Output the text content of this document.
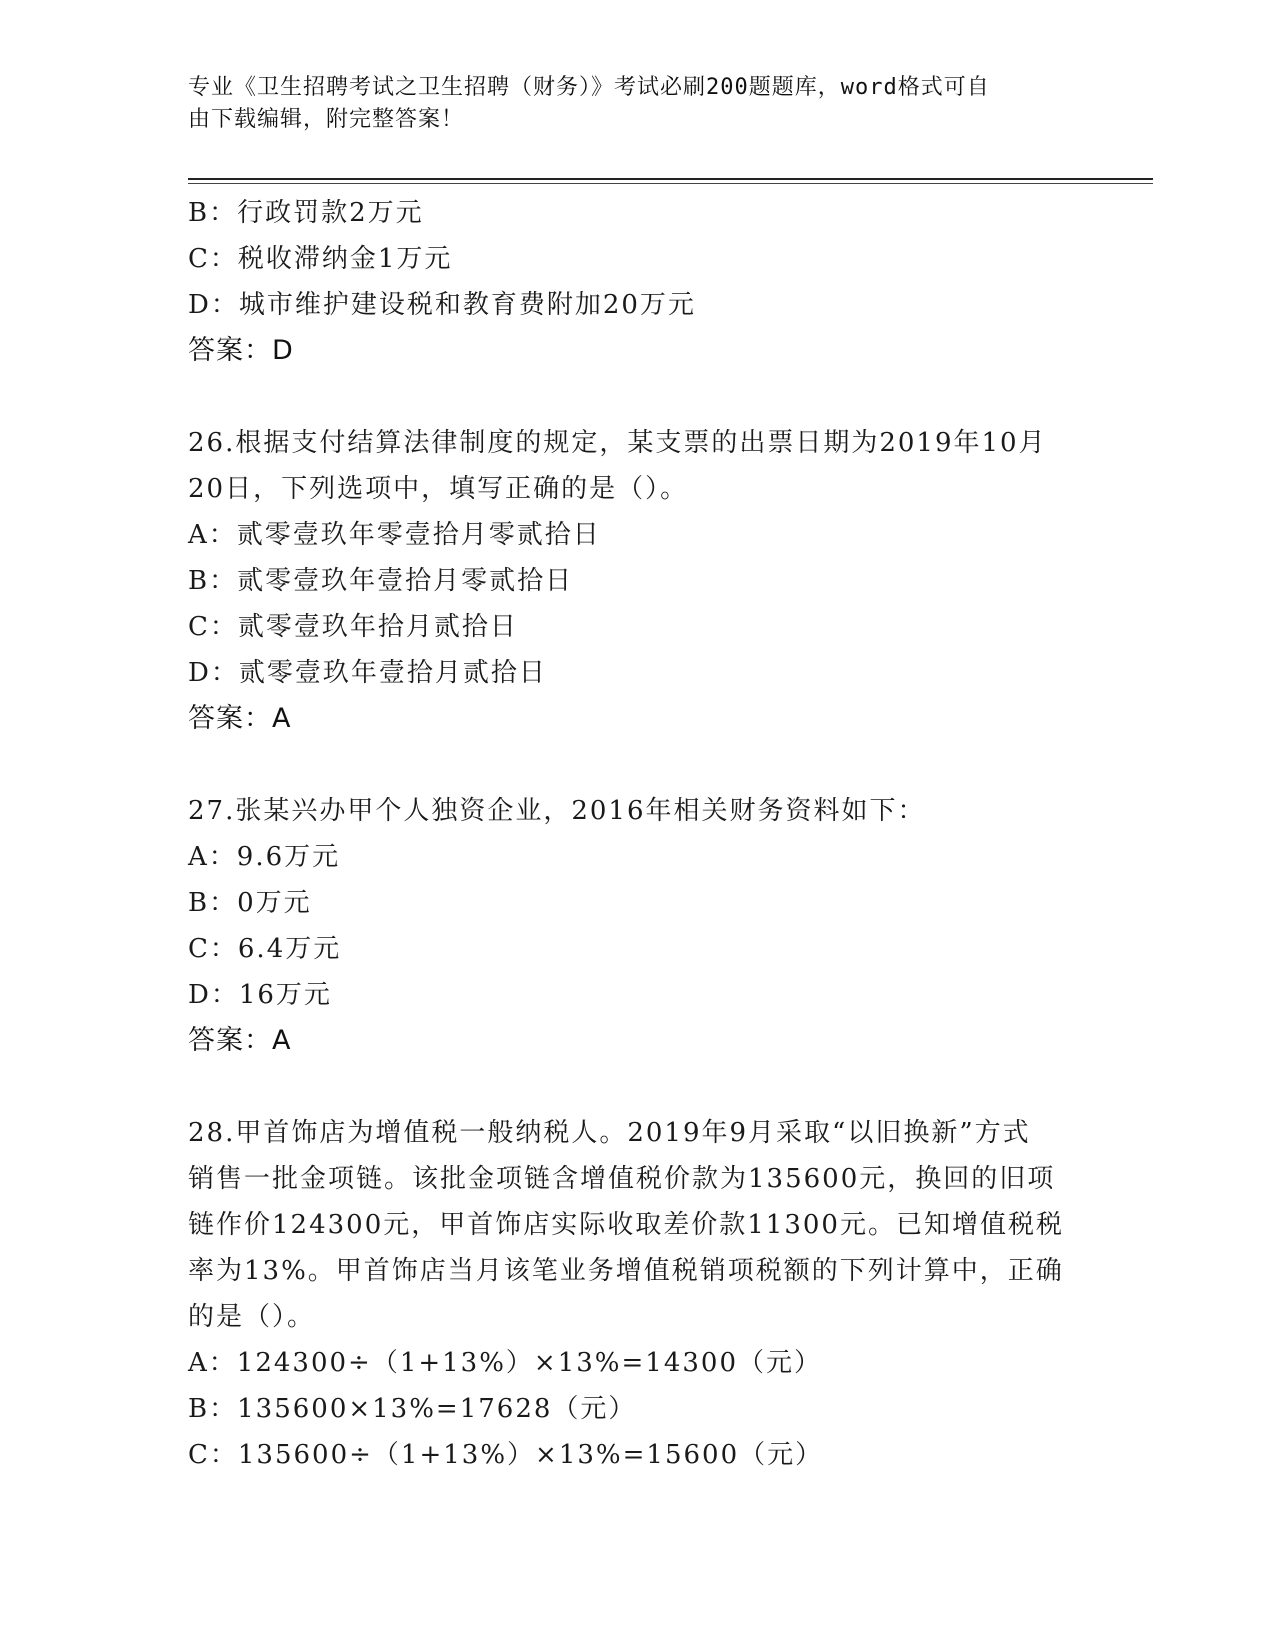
专业《卫生招聘考试之卫生招聘（财务）》考试必刷200题题库，word格式可自
由下载编辑，附完整答案！
B：行政罚款2万元
C：税收滞纳金1万元
D：城市维护建设税和教育费附加20万元
答案：D
26.根据支付结算法律制度的规定，某支票的出票日期为2019年10月
20日，下列选项中，填写正确的是（）。
A：贰零壹玖年零壹拾月零贰拾日
B：贰零壹玖年壹拾月零贰拾日
C：贰零壹玖年拾月贰拾日
D：贰零壹玖年壹拾月贰拾日
答案：A
27.张某兴办甲个人独资企业，2016年相关财务资料如下：
A：9.6万元
B：0万元
C：6.4万元
D：16万元
答案：A
28.甲首饰店为增值税一般纳税人。2019年9月采取“以旧换新”方式
销售一批金项链。该批金项链含增值税价款为135600元，换回的旧项
链作价124300元，甲首饰店实际收取差价款11300元。已知增值税税
率为13%。甲首饰店当月该笔业务增值税销项税额的下列计算中，正确
的是（）。
A：124300÷（1+13%）×13%=14300（元）
B：135600×13%=17628（元）
C：135600÷（1+13%）×13%=15600（元）
